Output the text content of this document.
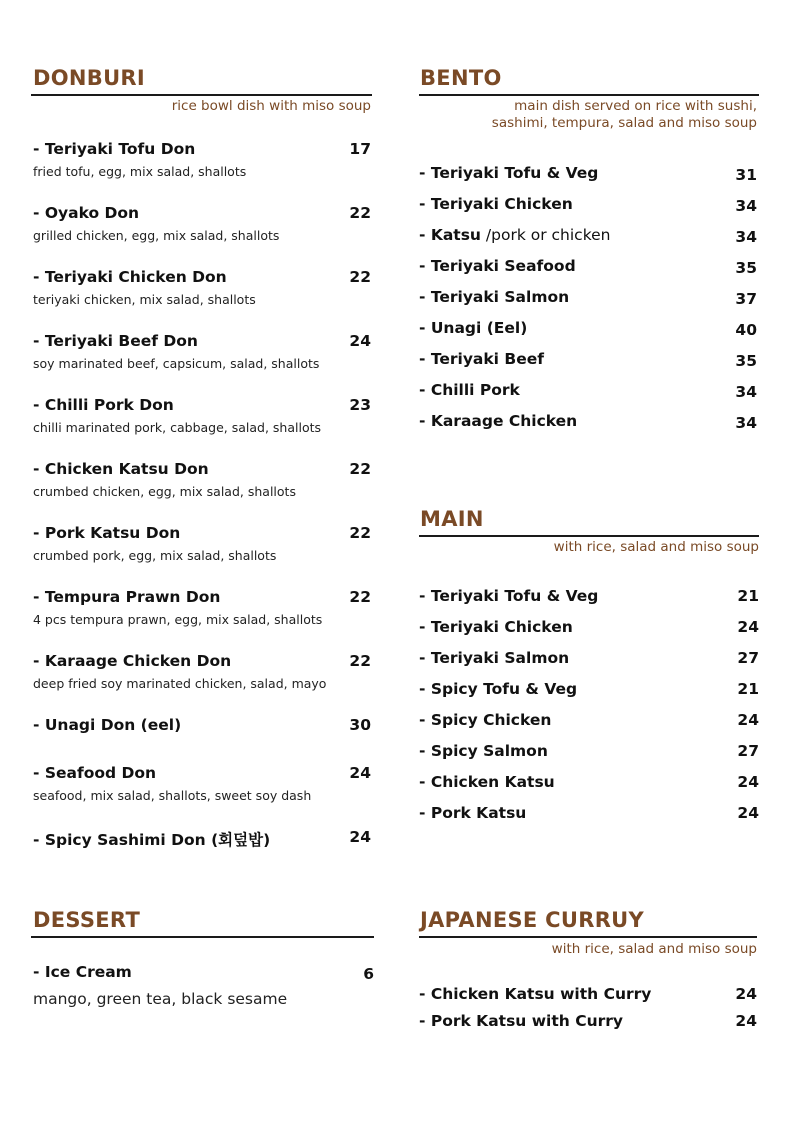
DONBURI
rice bowl dish with miso soup
- Teriyaki Tofu Don	17
fried tofu, egg, mix salad, shallots
- Oyako Don	22
grilled chicken, egg, mix salad, shallots
- Teriyaki Chicken Don	22
teriyaki chicken, mix salad, shallots
- Teriyaki Beef Don	24
soy marinated beef, capsicum, salad, shallots
- Chilli Pork Don	23
chilli marinated pork, cabbage, salad, shallots
- Chicken Katsu Don	22
crumbed chicken, egg, mix salad, shallots
- Pork Katsu Don	22
crumbed pork, egg, mix salad, shallots
- Tempura Prawn Don	22
4 pcs tempura prawn, egg, mix salad, shallots
- Karaage Chicken Don	22
deep fried soy marinated chicken, salad, mayo
- Unagi Don (eel)	30
- Seafood Don	24
seafood, mix salad, shallots, sweet soy dash
- Spicy Sashimi Don (회덮밥)	24
BENTO
main dish served on rice with sushi,
sashimi, tempura, salad and miso soup
- Teriyaki Tofu & Veg	31
- Teriyaki Chicken	34
- Katsu /pork or chicken	34
- Teriyaki Seafood	35
- Teriyaki Salmon	37
- Unagi (Eel)	40
- Teriyaki Beef	35
- Chilli Pork	34
- Karaage Chicken	34
MAIN
with rice, salad and miso soup
- Teriyaki Tofu & Veg	21
- Teriyaki Chicken	24
- Teriyaki Salmon	27
- Spicy Tofu & Veg	21
- Spicy Chicken	24
- Spicy Salmon	27
- Chicken Katsu	24
- Pork Katsu	24
DESSERT
- Ice Cream	6
mango, green tea, black sesame
JAPANESE CURRUY
with rice, salad and miso soup
- Chicken Katsu with Curry	24
- Pork Katsu with Curry	24
